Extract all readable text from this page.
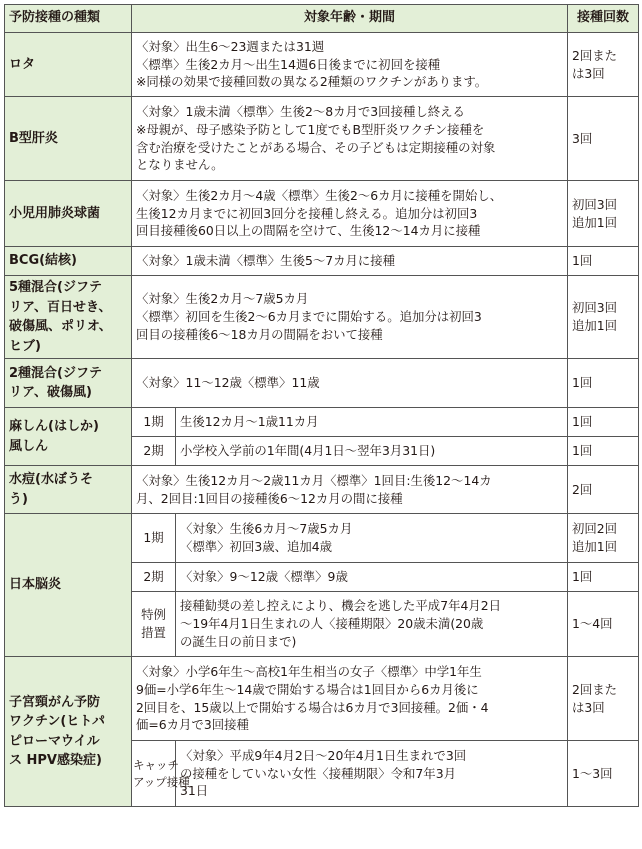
予防接種の種類	対象年齢・期間		接種回数
ロタ	〈対象〉出生6～23週または31週
〈標準〉生後2カ月～出生14週6日後までに初回を接種
※同様の効果で接種回数の異なる2種類のワクチンがあります。		2回また
は3回

B型肝炎	〈対象〉1歳未満〈標準〉生後2～8カ月で3回接種し終える
※母親が、母子感染予防として1度でもB型肝炎ワクチン接種を
含む治療を受けたことがある場合、その子どもは定期接種の対象
となりません。		3回

小児用肺炎球菌	〈対象〉生後2カ月～4歳〈標準〉生後2～6カ月に接種を開始し、
生後12カ月までに初回3回分を接種し終える。追加分は初回3
回目接種後60日以上の間隔を空けて、生後12～14カ月に接種		初回3回
追加1回

BCG(結核)	〈対象〉1歳未満〈標準〉生後5～7カ月に接種		1回

5種混合(ジフテ
リア、百日せき、
破傷風、ポリオ、
ヒブ)	〈対象〉生後2カ月～7歳5カ月
〈標準〉初回を生後2～6カ月までに開始する。追加分は初回3
回目の接種後6～18カ月の間隔をおいて接種		初回3回
追加1回

2種混合(ジフテ
リア、破傷風)	〈対象〉11～12歳〈標準〉11歳		1回

麻しん(はしか)
風しん	1期	生後12カ月～1歳11カ月	1回
	2期	小学校入学前の1年間(4月1日～翌年3月31日)	1回

水痘(水ぼうそ
う)	〈対象〉生後12カ月～2歳11カ月〈標準〉1回目:生後12～14カ
月、2回目:1回目の接種後6～12カ月の間に接種		2回

日本脳炎	1期	〈対象〉生後6カ月～7歳5カ月
〈標準〉初回3歳、追加4歳	初回2回
追加1回

	2期	〈対象〉9～12歳〈標準〉9歳	1回

	特例
措置	接種勧奨の差し控えにより、機会を逃した平成7年4月2日
～19年4月1日生まれの人〈接種期限〉20歳未満(20歳
の誕生日の前日まで)	1～4回

子宮頸がん予防
ワクチン(ヒトパ
ピローマウイル
ス HPV感染症)	〈対象〉小学6年生～高校1年生相当の女子〈標準〉中学1年生
9価=小学6年生～14歳で開始する場合は1回目から6カ月後に
2回目を、15歳以上で開始する場合は6カ月で3回接種。2価・4
価=6カ月で3回接種		2回また
は3回

	キャッチ
アップ接種	〈対象〉平成9年4月2日～20年4月1日生まれで3回
の接種をしていない女性〈接種期限〉令和7年3月
31日	1～3回
